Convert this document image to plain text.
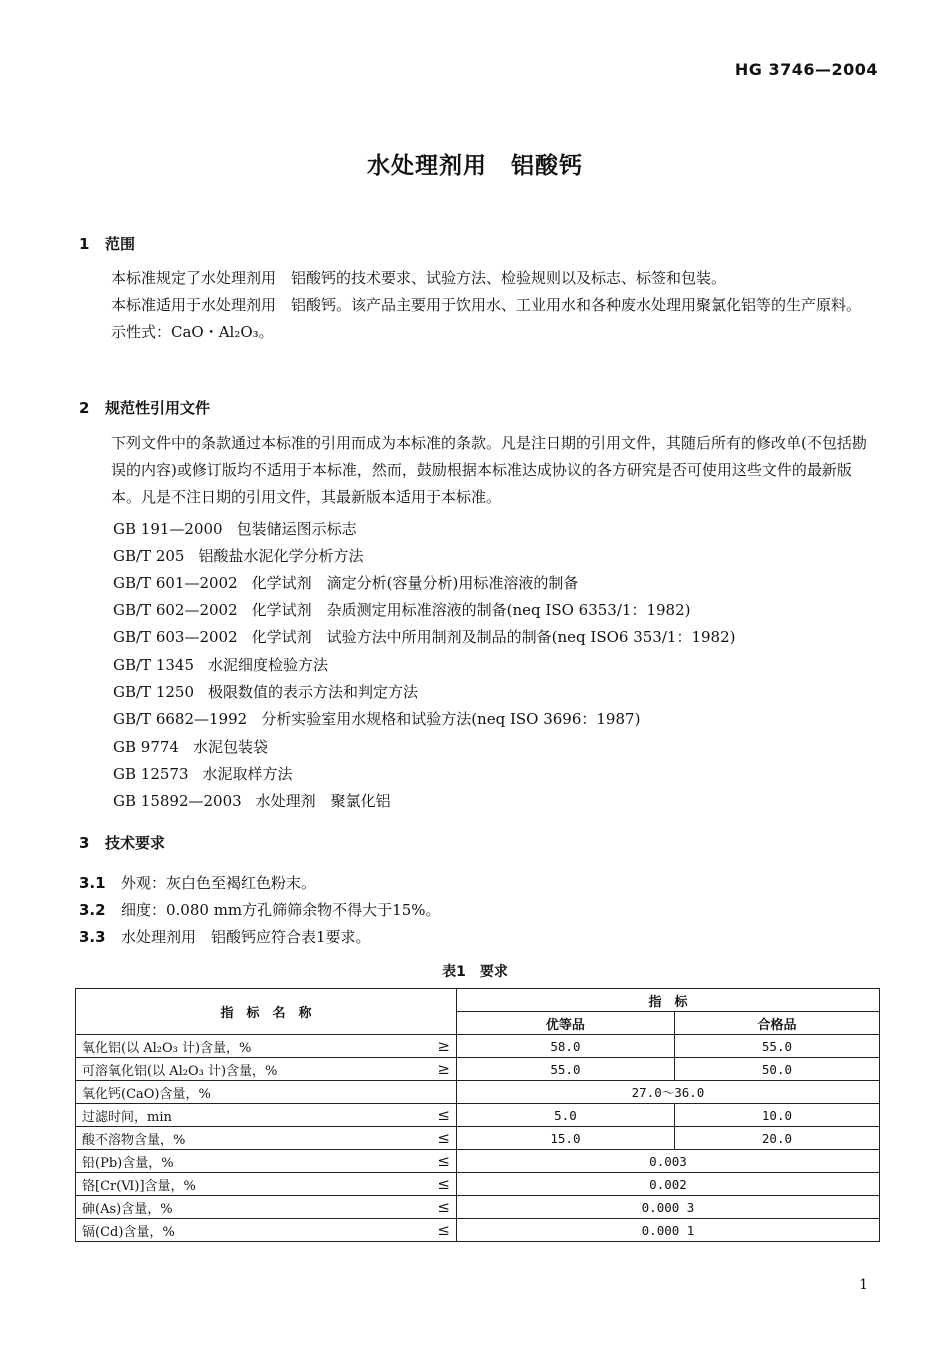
HG 3746—2004
水处理剂用　铝酸钙
1 范围
本标准规定了水处理剂用　铝酸钙的技术要求、试验方法、检验规则以及标志、标签和包装。
本标准适用于水处理剂用　铝酸钙。该产品主要用于饮用水、工业用水和各种废水处理用聚氯化铝等的生产原料。
示性式：CaO・Al₂O₃。
2 规范性引用文件
下列文件中的条款通过本标准的引用而成为本标准的条款。凡是注日期的引用文件，其随后所有的修改单(不包括勘误的内容)或修订版均不适用于本标准，然而，鼓励根据本标准达成协议的各方研究是否可使用这些文件的最新版本。凡是不注日期的引用文件，其最新版本适用于本标准。
GB 191—2000 包装储运图示标志
GB/T 205 铝酸盐水泥化学分析方法
GB/T 601—2002 化学试剂　滴定分析(容量分析)用标准溶液的制备
GB/T 602—2002 化学试剂　杂质测定用标准溶液的制备(neq ISO 6353/1：1982)
GB/T 603—2002 化学试剂　试验方法中所用制剂及制品的制备(neq ISO6 353/1：1982)
GB/T 1345 水泥细度检验方法
GB/T 1250 极限数值的表示方法和判定方法
GB/T 6682—1992 分析实验室用水规格和试验方法(neq ISO 3696：1987)
GB 9774 水泥包装袋
GB 12573 水泥取样方法
GB 15892—2003 水处理剂　聚氯化铝
3 技术要求
3.1 外观：灰白色至褐红色粉末。
3.2 细度：0.080 mm方孔筛筛余物不得大于15%。
3.3 水处理剂用　铝酸钙应符合表1要求。
表1　要求
指　标　名　称		指　标	
		优等品	合格品
氧化铝(以 Al₂O₃ 计)含量，%	≥	58.0	55.0
可溶氧化铝(以 Al₂O₃ 计)含量，%	≥	55.0	50.0
氧化钙(CaO)含量，%		27.0～36.0	
过滤时间，min	≤	5.0	10.0
酸不溶物含量，%	≤	15.0	20.0
铅(Pb)含量，%	≤	0.003	
铬[Cr(Ⅵ)]含量，%	≤	0.002	
砷(As)含量，%	≤	0.000 3	
镉(Cd)含量，%	≤	0.000 1	
1
